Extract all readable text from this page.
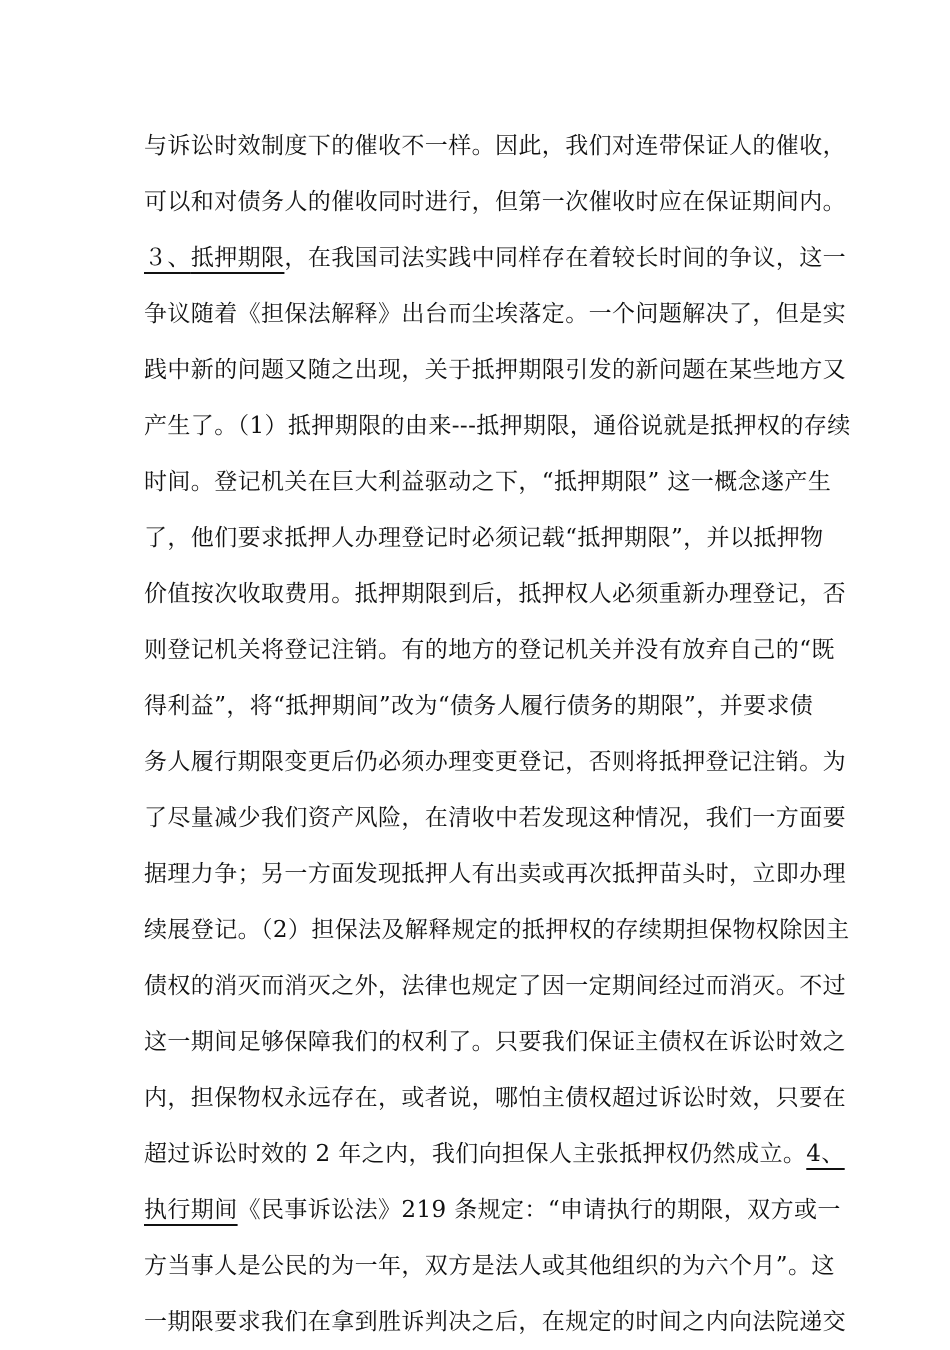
与诉讼时效制度下的催收不一样。因此，我们对连带保证人的催收，
可以和对债务人的催收同时进行，但第一次催收时应在保证期间内。
３、抵押期限，在我国司法实践中同样存在着较长时间的争议，这一
争议随着《担保法解释》出台而尘埃落定。一个问题解决了，但是实
践中新的问题又随之出现，关于抵押期限引发的新问题在某些地方又
产生了。（1）抵押期限的由来---抵押期限，通俗说就是抵押权的存续
时间。登记机关在巨大利益驱动之下，“抵押期限” 这一概念遂产生
了，他们要求抵押人办理登记时必须记载“抵押期限”，并以抵押物
价值按次收取费用。抵押期限到后，抵押权人必须重新办理登记，否
则登记机关将登记注销。有的地方的登记机关并没有放弃自己的“既
得利益”，将“抵押期间”改为“债务人履行债务的期限”，并要求债
务人履行期限变更后仍必须办理变更登记，否则将抵押登记注销。为
了尽量减少我们资产风险，在清收中若发现这种情况，我们一方面要
据理力争；另一方面发现抵押人有出卖或再次抵押苗头时，立即办理
续展登记。（2）担保法及解释规定的抵押权的存续期担保物权除因主
债权的消灭而消灭之外，法律也规定了因一定期间经过而消灭。不过
这一期间足够保障我们的权利了。只要我们保证主债权在诉讼时效之
内，担保物权永远存在，或者说，哪怕主债权超过诉讼时效，只要在
超过诉讼时效的 2 年之内，我们向担保人主张抵押权仍然成立。4、
执行期间《民事诉讼法》219 条规定：“申请执行的期限，双方或一
方当事人是公民的为一年，双方是法人或其他组织的为六个月”。这
一期限要求我们在拿到胜诉判决之后，在规定的时间之内向法院递交
